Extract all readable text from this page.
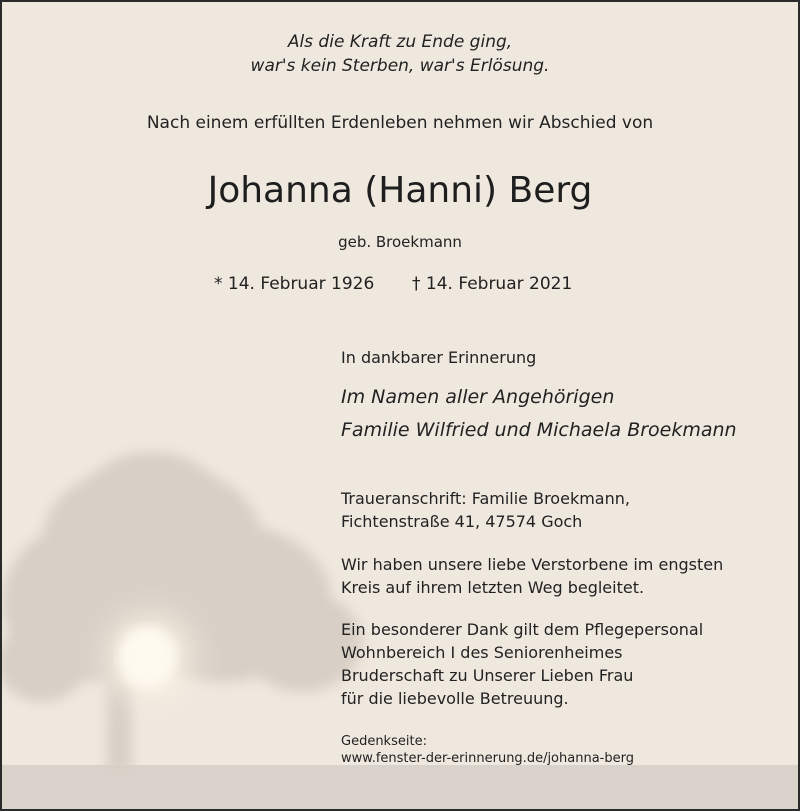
Als die Kraft zu Ende ging,
war's kein Sterben, war's Erlösung.
Nach einem erfüllten Erdenleben nehmen wir Abschied von
Johanna (Hanni) Berg
geb. Broekmann
* 14. Februar 1926 † 14. Februar 2021
In dankbarer Erinnerung
Im Namen aller Angehörigen
Familie Wilfried und Michaela Broekmann
Traueranschrift: Familie Broekmann,
Fichtenstraße 41, 47574 Goch
Wir haben unsere liebe Verstorbene im engsten
Kreis auf ihrem letzten Weg begleitet.
Ein besonderer Dank gilt dem Pflegepersonal
Wohnbereich I des Seniorenheimes
Bruderschaft zu Unserer Lieben Frau
für die liebevolle Betreuung.
Gedenkseite:
www.fenster-der-erinnerung.de/johanna-berg
